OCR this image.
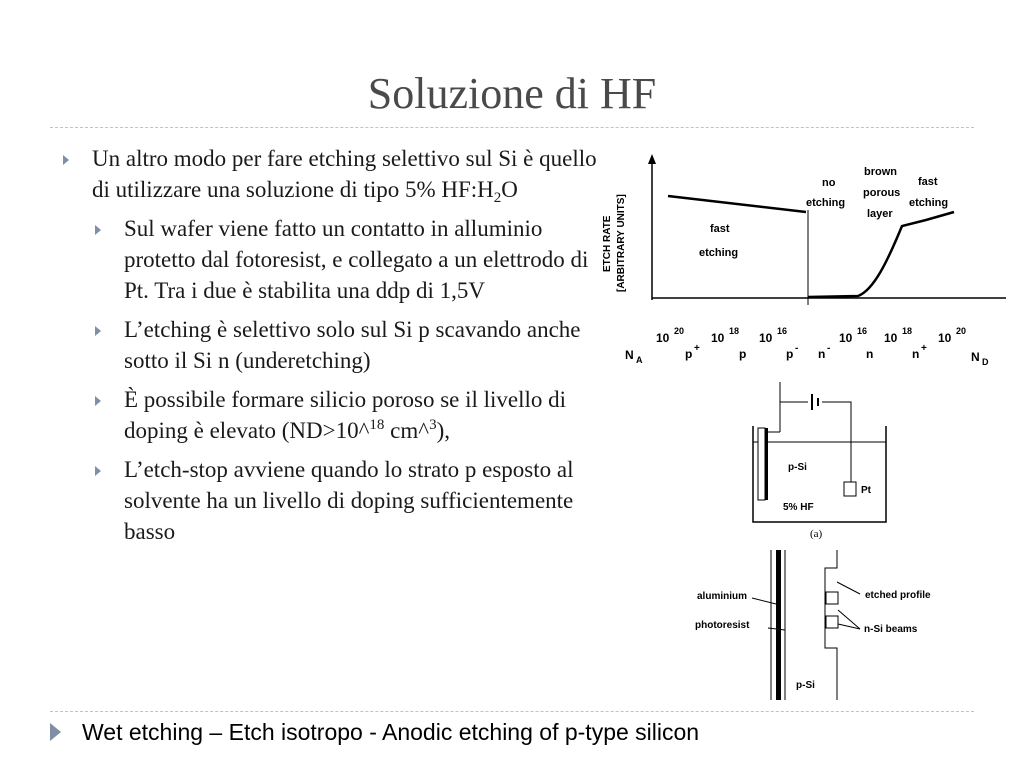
Soluzione di HF
Un altro modo per fare etching selettivo sul Si è quello di utilizzare una soluzione di tipo 5% $HF:H_2O$
Sul wafer viene fatto un contatto in alluminio protetto dal fotoresist, e collegato a un elettrodo di Pt. Tra i due è stabilita una ddp di 1,5V
L’etching è selettivo solo sul Si p scavando anche sotto il Si n (underetching)
È possibile formare silicio poroso se il livello di doping è elevato (ND>10^$^{18}$ cm^$^3$),
L’etch-stop avviene quando lo strato p esposto al solvente ha un livello di doping sufficientemente basso
ETCH RATE [ARBITRARY UNITS]	fast
etching
no
etching
brown
porous
layer
fast
etching
10 20 10 18 10 16	10 16 10 18 10 20
N A	p +	p	p - n -	n	n +
N D
p-Si
Pt
5% HF
(a)
aluminium
photoresist
etched profile
n-Si beams
p-Si
Wet etching – Etch isotropo - Anodic etching of p-type silicon
